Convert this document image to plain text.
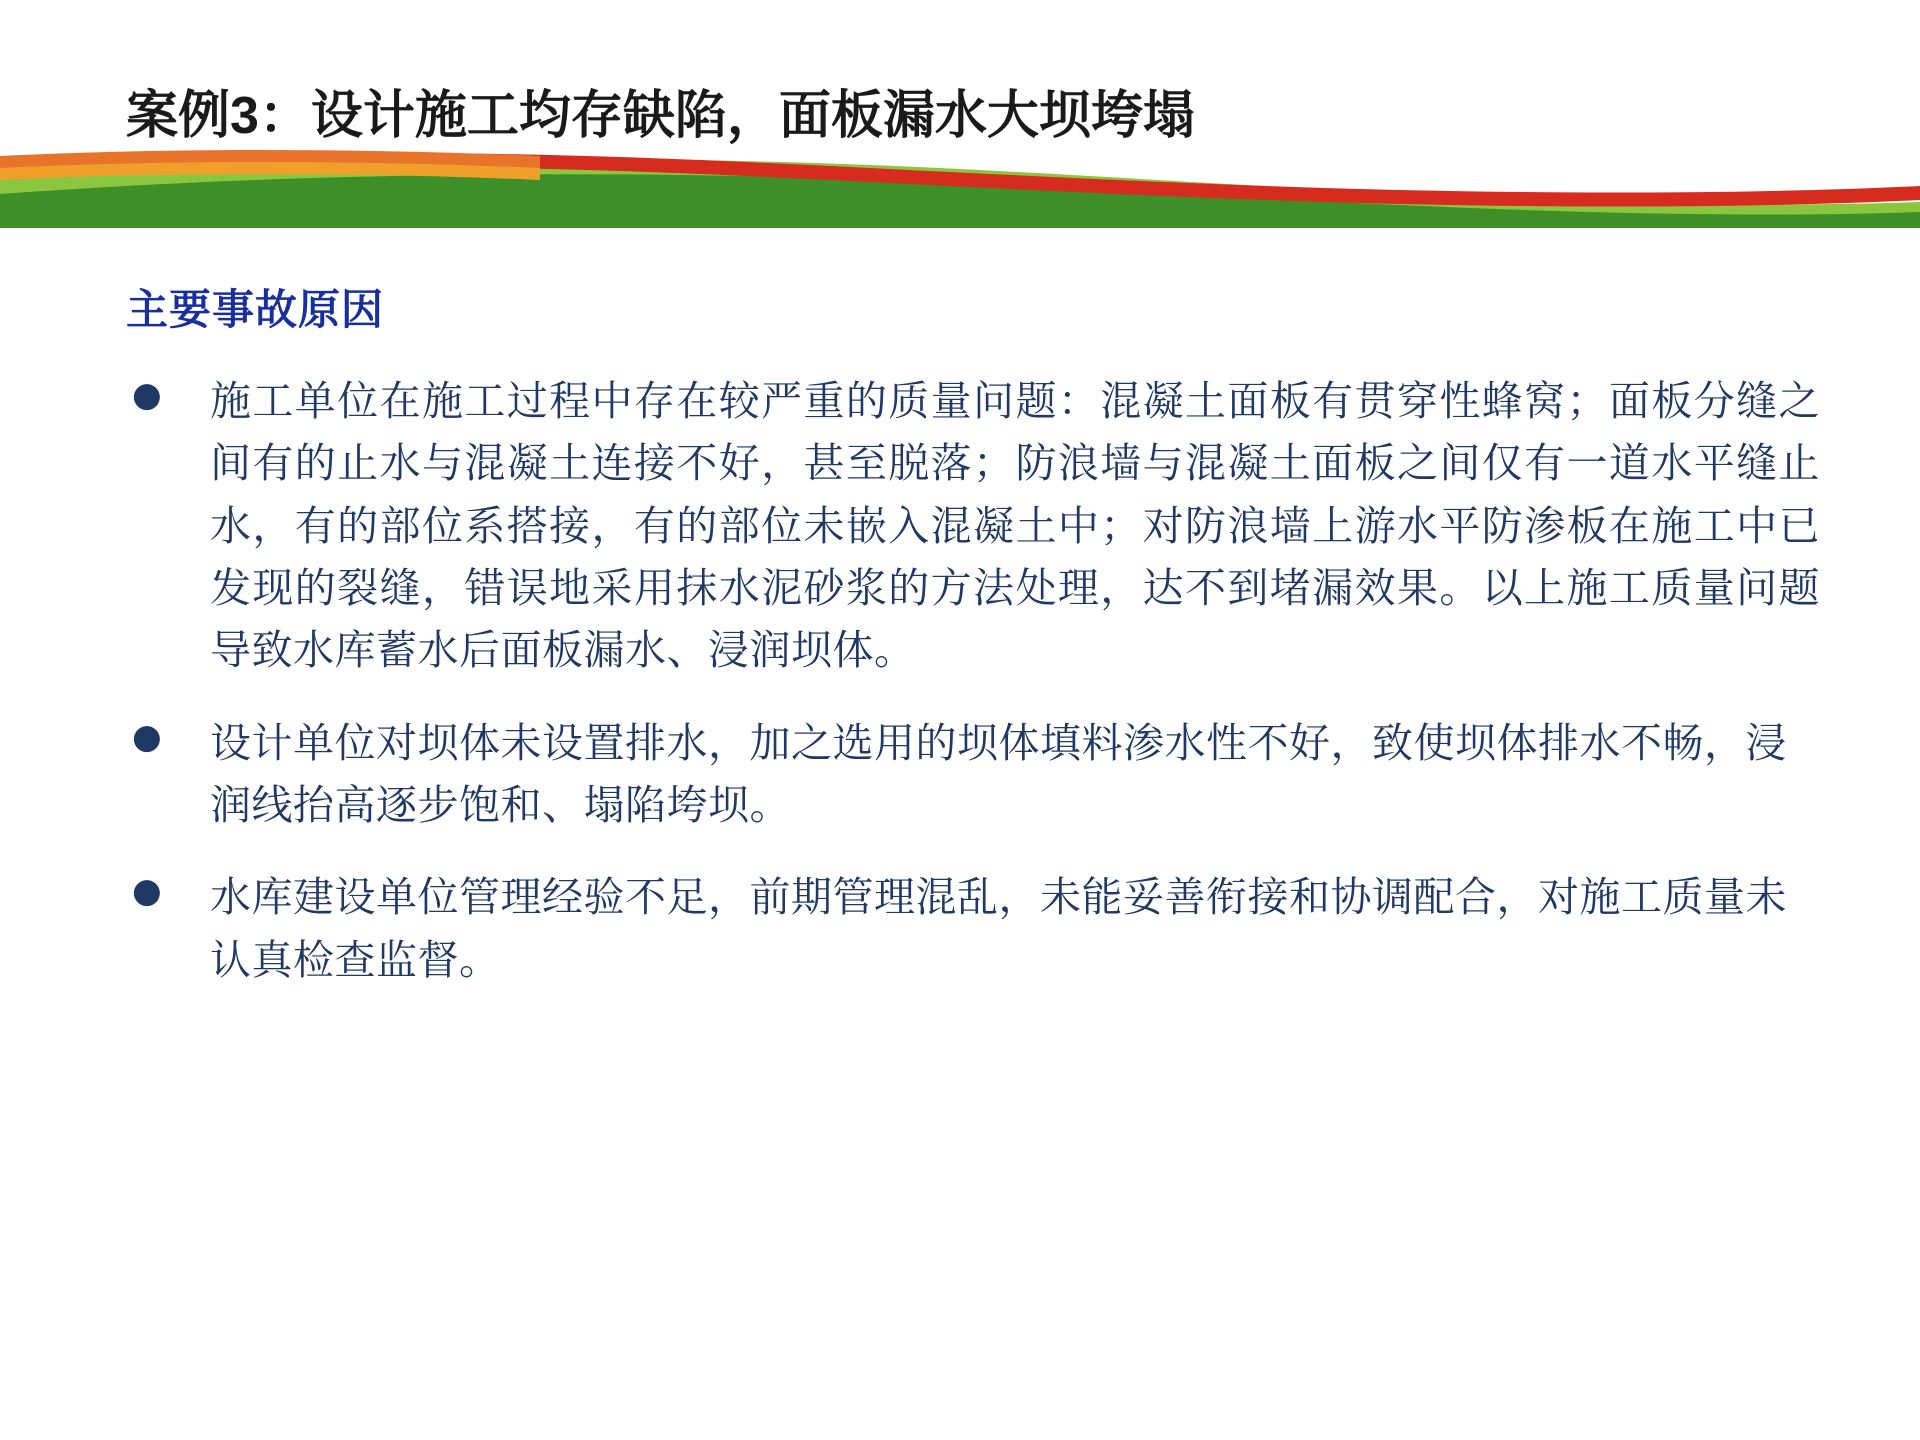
案例3：设计施工均存缺陷，面板漏水大坝垮塌
主要事故原因
●	施工单位在施工过程中存在较严重的质量问题：混凝土面板有贯穿性蜂窝；面板分缝之间有的止水与混凝土连接不好，甚至脱落；防浪墙与混凝土面板之间仅有一道水平缝止水，有的部位系搭接，有的部位未嵌入混凝土中；对防浪墙上游水平防渗板在施工中已发现的裂缝，错误地采用抹水泥砂浆的方法处理，达不到堵漏效果。以上施工质量问题导致水库蓄水后面板漏水、浸润坝体。
●	设计单位对坝体未设置排水，加之选用的坝体填料渗水性不好，致使坝体排水不畅，浸润线抬高逐步饱和、塌陷垮坝。
●	水库建设单位管理经验不足，前期管理混乱，未能妥善衔接和协调配合，对施工质量未认真检查监督。
